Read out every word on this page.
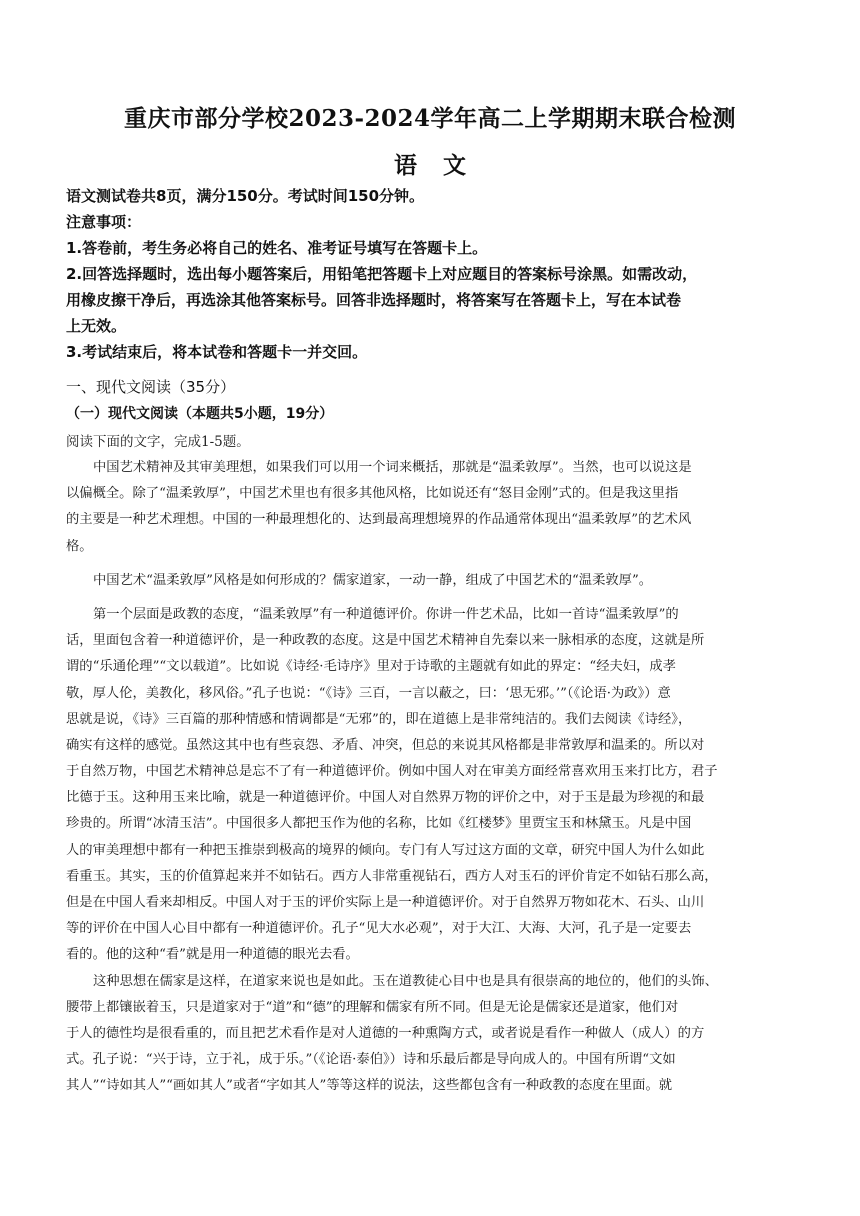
重庆市部分学校2023-2024学年高二上学期期末联合检测
语文
语文测试卷共8页，满分150分。考试时间150分钟。
注意事项：
1.答卷前，考生务必将自己的姓名、准考证号填写在答题卡上。
2.回答选择题时，选出每小题答案后，用铅笔把答题卡上对应题目的答案标号涂黑。如需改动，
用橡皮擦干净后，再选涂其他答案标号。回答非选择题时，将答案写在答题卡上，写在本试卷
上无效。
3.考试结束后，将本试卷和答题卡一并交回。
一、现代文阅读（35分）
（一）现代文阅读（本题共5小题，19分）
阅读下面的文字，完成1-5题。
中国艺术精神及其审美理想，如果我们可以用一个词来概括，那就是“温柔敦厚”。当然，也可以说这是
以偏概全。除了“温柔敦厚”，中国艺术里也有很多其他风格，比如说还有“怒目金刚”式的。但是我这里指
的主要是一种艺术理想。中国的一种最理想化的、达到最高理想境界的作品通常体现出“温柔敦厚”的艺术风
格。
中国艺术“温柔敦厚”风格是如何形成的？儒家道家，一动一静，组成了中国艺术的“温柔敦厚”。
第一个层面是政教的态度，“温柔敦厚”有一种道德评价。你讲一件艺术品，比如一首诗“温柔敦厚”的
话，里面包含着一种道德评价，是一种政教的态度。这是中国艺术精神自先秦以来一脉相承的态度，这就是所
谓的“乐通伦理”“文以载道”。比如说《诗经·毛诗序》里对于诗歌的主题就有如此的界定：“经夫妇，成孝
敬，厚人伦，美教化，移风俗。”孔子也说：“《诗》三百，一言以蔽之，曰：‘思无邪。’”（《论语·为政》）意
思就是说，《诗》三百篇的那种情感和情调都是“无邪”的，即在道德上是非常纯洁的。我们去阅读《诗经》，
确实有这样的感觉。虽然这其中也有些哀怨、矛盾、冲突，但总的来说其风格都是非常敦厚和温柔的。所以对
于自然万物，中国艺术精神总是忘不了有一种道德评价。例如中国人对在审美方面经常喜欢用玉来打比方，君子
比德于玉。这种用玉来比喻，就是一种道德评价。中国人对自然界万物的评价之中，对于玉是最为珍视的和最
珍贵的。所谓“冰清玉洁”。中国很多人都把玉作为他的名称，比如《红楼梦》里贾宝玉和林黛玉。凡是中国
人的审美理想中都有一种把玉推崇到极高的境界的倾向。专门有人写过这方面的文章，研究中国人为什么如此
看重玉。其实，玉的价值算起来并不如钻石。西方人非常重视钻石，西方人对玉石的评价肯定不如钻石那么高，
但是在中国人看来却相反。中国人对于玉的评价实际上是一种道德评价。对于自然界万物如花木、石头、山川
等的评价在中国人心目中都有一种道德评价。孔子“见大水必观”，对于大江、大海、大河，孔子是一定要去
看的。他的这种“看”就是用一种道德的眼光去看。
这种思想在儒家是这样，在道家来说也是如此。玉在道教徒心目中也是具有很崇高的地位的，他们的头饰、
腰带上都镶嵌着玉，只是道家对于“道”和“德”的理解和儒家有所不同。但是无论是儒家还是道家，他们对
于人的德性均是很看重的，而且把艺术看作是对人道德的一种熏陶方式，或者说是看作一种做人（成人）的方
式。孔子说：“兴于诗，立于礼，成于乐。”（《论语·泰伯》）诗和乐最后都是导向成人的。中国有所谓“文如
其人”“诗如其人”“画如其人”或者“字如其人”等等这样的说法，这些都包含有一种政教的态度在里面。就
